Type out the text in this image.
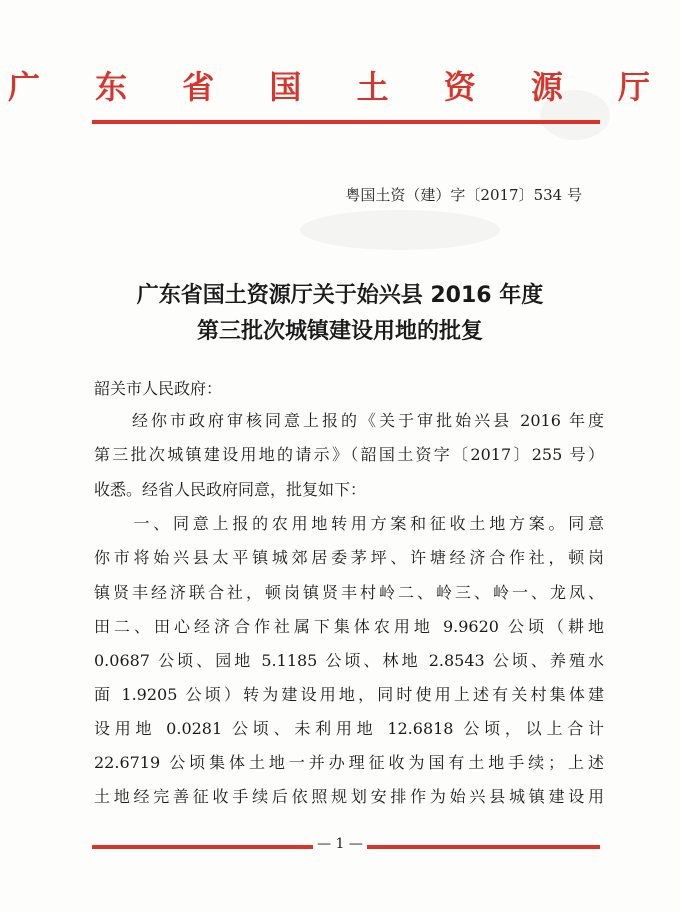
广 东 省 国 土 资 源 厅
粤国土资（建）字〔2017〕534 号
广东省国土资源厅关于始兴县 2016 年度
第三批次城镇建设用地的批复
韶关市人民政府：
　　经你市政府审核同意上报的《关于审批始兴县 2016 年度
第三批次城镇建设用地的请示》（韶国土资字〔2017〕255 号）
收悉。经省人民政府同意，批复如下：
　　一、同意上报的农用地转用方案和征收土地方案。同意
你市将始兴县太平镇城郊居委茅坪、许塘经济合作社，顿岗
镇贤丰经济联合社，顿岗镇贤丰村岭二、岭三、岭一、龙凤、
田二、田心经济合作社属下集体农用地 9.9620 公顷（耕地
0.0687 公顷、园地 5.1185 公顷、林地 2.8543 公顷、养殖水
面 1.9205 公顷）转为建设用地，同时使用上述有关村集体建
设用地 0.0281 公顷、未利用地 12.6818 公顷，以上合计
22.6719 公顷集体土地一并办理征收为国有土地手续；上述
土地经完善征收手续后依照规划安排作为始兴县城镇建设用
— 1 —
